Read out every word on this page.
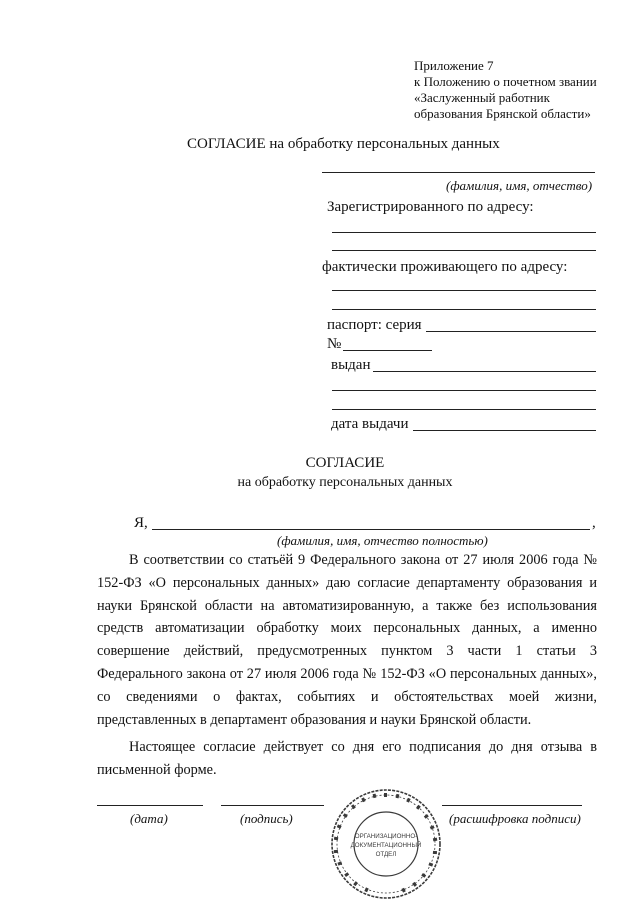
Приложение 7
к Положению о почетном звании
«Заслуженный работник
образования Брянской области»
СОГЛАСИЕ на обработку персональных данных
(фамилия, имя, отчество)
Зарегистрированного по адресу:
фактически проживающего по адресу:
паспорт: серия
№
выдан
дата выдачи
СОГЛАСИЕ
на обработку персональных данных
Я,	,
(фамилия, имя, отчество полностью)
В соответствии со статьёй 9 Федерального закона от 27 июля 2006 года № 152-ФЗ «О персональных данных» даю согласие департаменту образования и науки Брянской области на автоматизированную, а также без использования средств автоматизации обработку моих персональных данных, а именно совершение действий, предусмотренных пунктом 3 части 1 статьи 3 Федерального закона от 27 июля 2006 года № 152-ФЗ «О персональных данных», со сведениями о фактах, событиях и обстоятельствах моей жизни, представленных в департамент образования и науки Брянской области.
Настоящее согласие действует со дня его подписания до дня отзыва в письменной форме.
(дата)	(подпись)	(расшифровка подписи)
ОРГАНИЗАЦИОННО-
ДОКУМЕНТАЦИОННЫЙ
ОТДЕЛ
